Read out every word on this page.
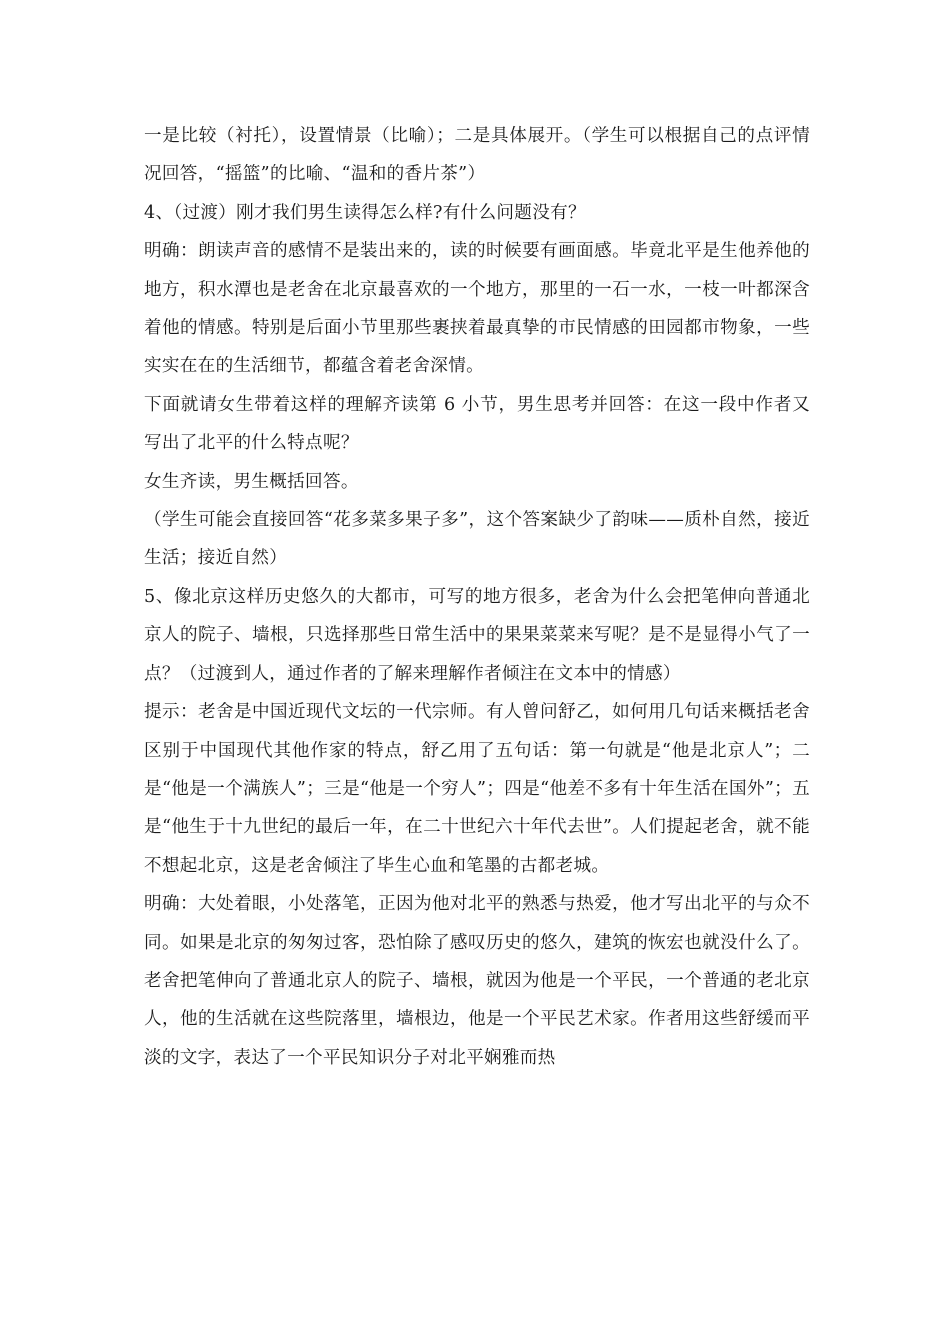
一是比较（衬托），设置情景（比喻）；二是具体展开。（学生可以根据自己的点评情况回答，“摇篮”的比喻、“温和的香片茶”）

4、（过渡）刚才我们男生读得怎么样?有什么问题没有？

明确：朗读声音的感情不是装出来的，读的时候要有画面感。毕竟北平是生他养他的地方，积水潭也是老舍在北京最喜欢的一个地方，那里的一石一水，一枝一叶都深含着他的情感。特别是后面小节里那些裹挟着最真挚的市民情感的田园都市物象，一些实实在在的生活细节，都蕴含着老舍深情。

下面就请女生带着这样的理解齐读第 6 小节，男生思考并回答：在这一段中作者又写出了北平的什么特点呢？

女生齐读，男生概括回答。

（学生可能会直接回答“花多菜多果子多”，这个答案缺少了韵味——质朴自然，接近生活；接近自然）

5、像北京这样历史悠久的大都市，可写的地方很多，老舍为什么会把笔伸向普通北京人的院子、墙根，只选择那些日常生活中的果果菜菜来写呢？是不是显得小气了一点？（过渡到人，通过作者的了解来理解作者倾注在文本中的情感）

提示：老舍是中国近现代文坛的一代宗师。有人曾问舒乙，如何用几句话来概括老舍区别于中国现代其他作家的特点，舒乙用了五句话：第一句就是“他是北京人”；二是“他是一个满族人”；三是“他是一个穷人”；四是“他差不多有十年生活在国外”；五是“他生于十九世纪的最后一年，在二十世纪六十年代去世”。人们提起老舍，就不能不想起北京，这是老舍倾注了毕生心血和笔墨的古都老城。

明确：大处着眼，小处落笔，正因为他对北平的熟悉与热爱，他才写出北平的与众不同。如果是北京的匆匆过客，恐怕除了感叹历史的悠久，建筑的恢宏也就没什么了。老舍把笔伸向了普通北京人的院子、墙根，就因为他是一个平民，一个普通的老北京人，他的生活就在这些院落里，墙根边，他是一个平民艺术家。作者用这些舒缓而平淡的文字，表达了一个平民知识分子对北平娴雅而热
